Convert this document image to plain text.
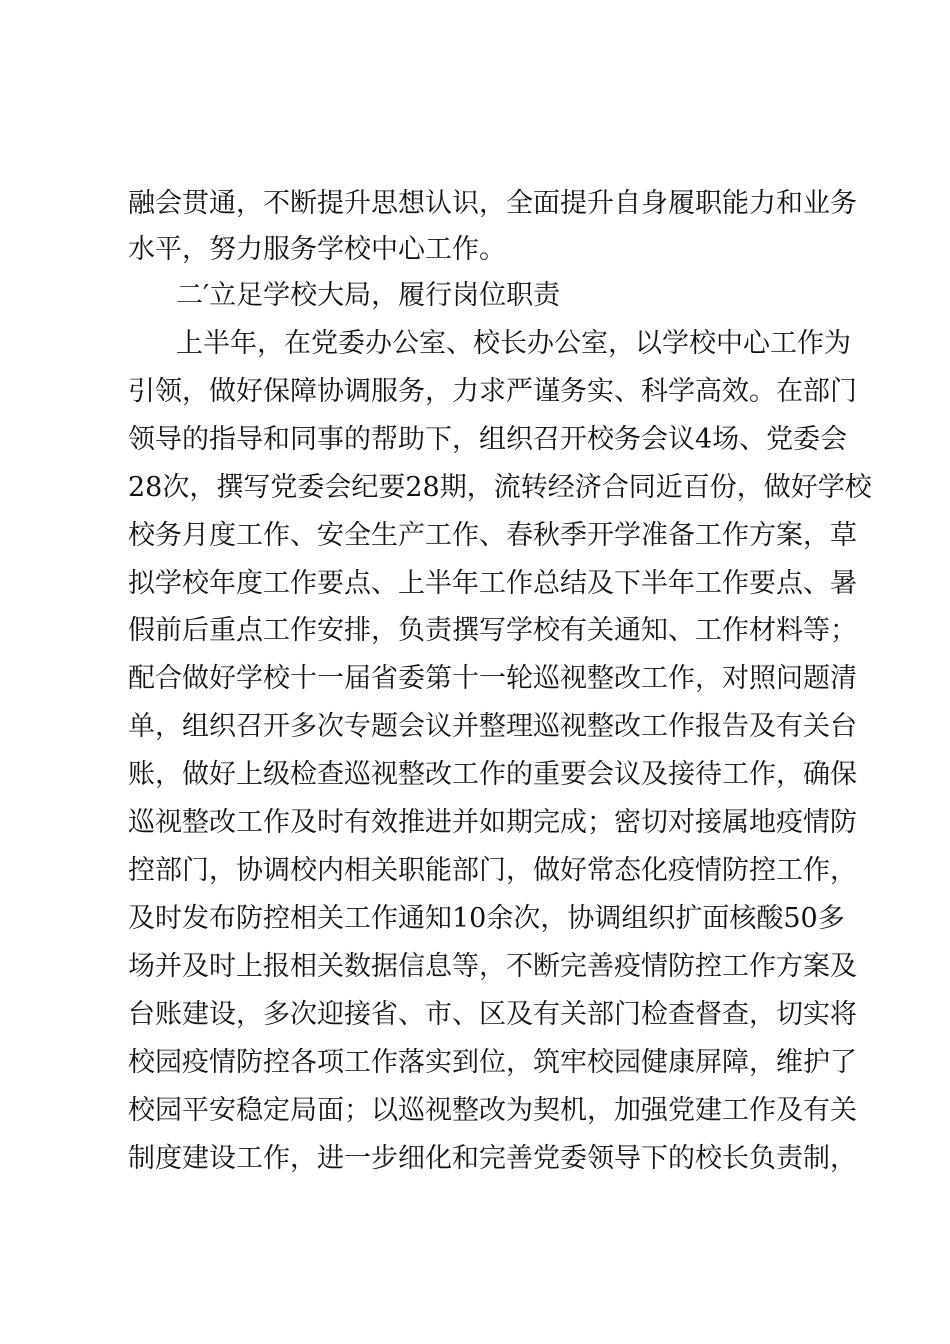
融会贯通，不断提升思想认识，全面提升自身履职能力和业务
水平，努力服务学校中心工作。
二′立足学校大局，履行岗位职责
上半年，在党委办公室、校长办公室，以学校中心工作为
引领，做好保障协调服务，力求严谨务实、科学高效。在部门
领导的指导和同事的帮助下，组织召开校务会议4场、党委会
28次，撰写党委会纪要28期，流转经济合同近百份，做好学校
校务月度工作、安全生产工作、春秋季开学准备工作方案，草
拟学校年度工作要点、上半年工作总结及下半年工作要点、暑
假前后重点工作安排，负责撰写学校有关通知、工作材料等；
配合做好学校十一届省委第十一轮巡视整改工作，对照问题清
单，组织召开多次专题会议并整理巡视整改工作报告及有关台
账，做好上级检查巡视整改工作的重要会议及接待工作，确保
巡视整改工作及时有效推进并如期完成；密切对接属地疫情防
控部门，协调校内相关职能部门，做好常态化疫情防控工作，
及时发布防控相关工作通知10余次，协调组织扩面核酸50多
场并及时上报相关数据信息等，不断完善疫情防控工作方案及
台账建设，多次迎接省、市、区及有关部门检查督查，切实将
校园疫情防控各项工作落实到位，筑牢校园健康屏障，维护了
校园平安稳定局面；以巡视整改为契机，加强党建工作及有关
制度建设工作，进一步细化和完善党委领导下的校长负责制，
